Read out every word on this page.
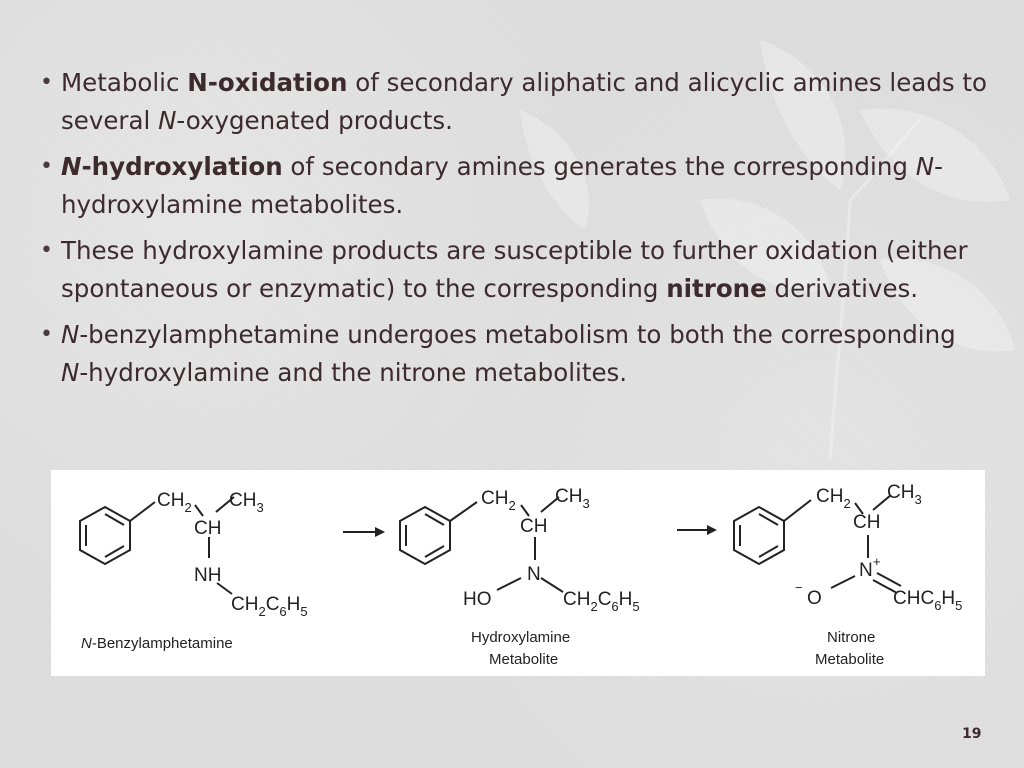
• Metabolic N-oxidation of secondary aliphatic and alicyclic amines leads to several N-oxygenated products.
• N-hydroxylation of secondary amines generates the corresponding N-hydroxylamine metabolites.
• These hydroxylamine products are susceptible to further oxidation (either spontaneous or enzymatic) to the corresponding nitrone derivatives.
• N-benzylamphetamine undergoes metabolism to both the corresponding N-hydroxylamine and the nitrone metabolites.
$CH_2$ $CH_3$
CH
NH
$CH_2C_6H_5$
N-Benzylamphetamine
$CH_2$ $CH_3$
CH
N
HO	$CH_2C_6H_5$
Hydroxylamine
Metabolite
$CH_2$
$CH_3$
CH
N +
−
O	$CHC_6H_5$
Nitrone
Metabolite
19
